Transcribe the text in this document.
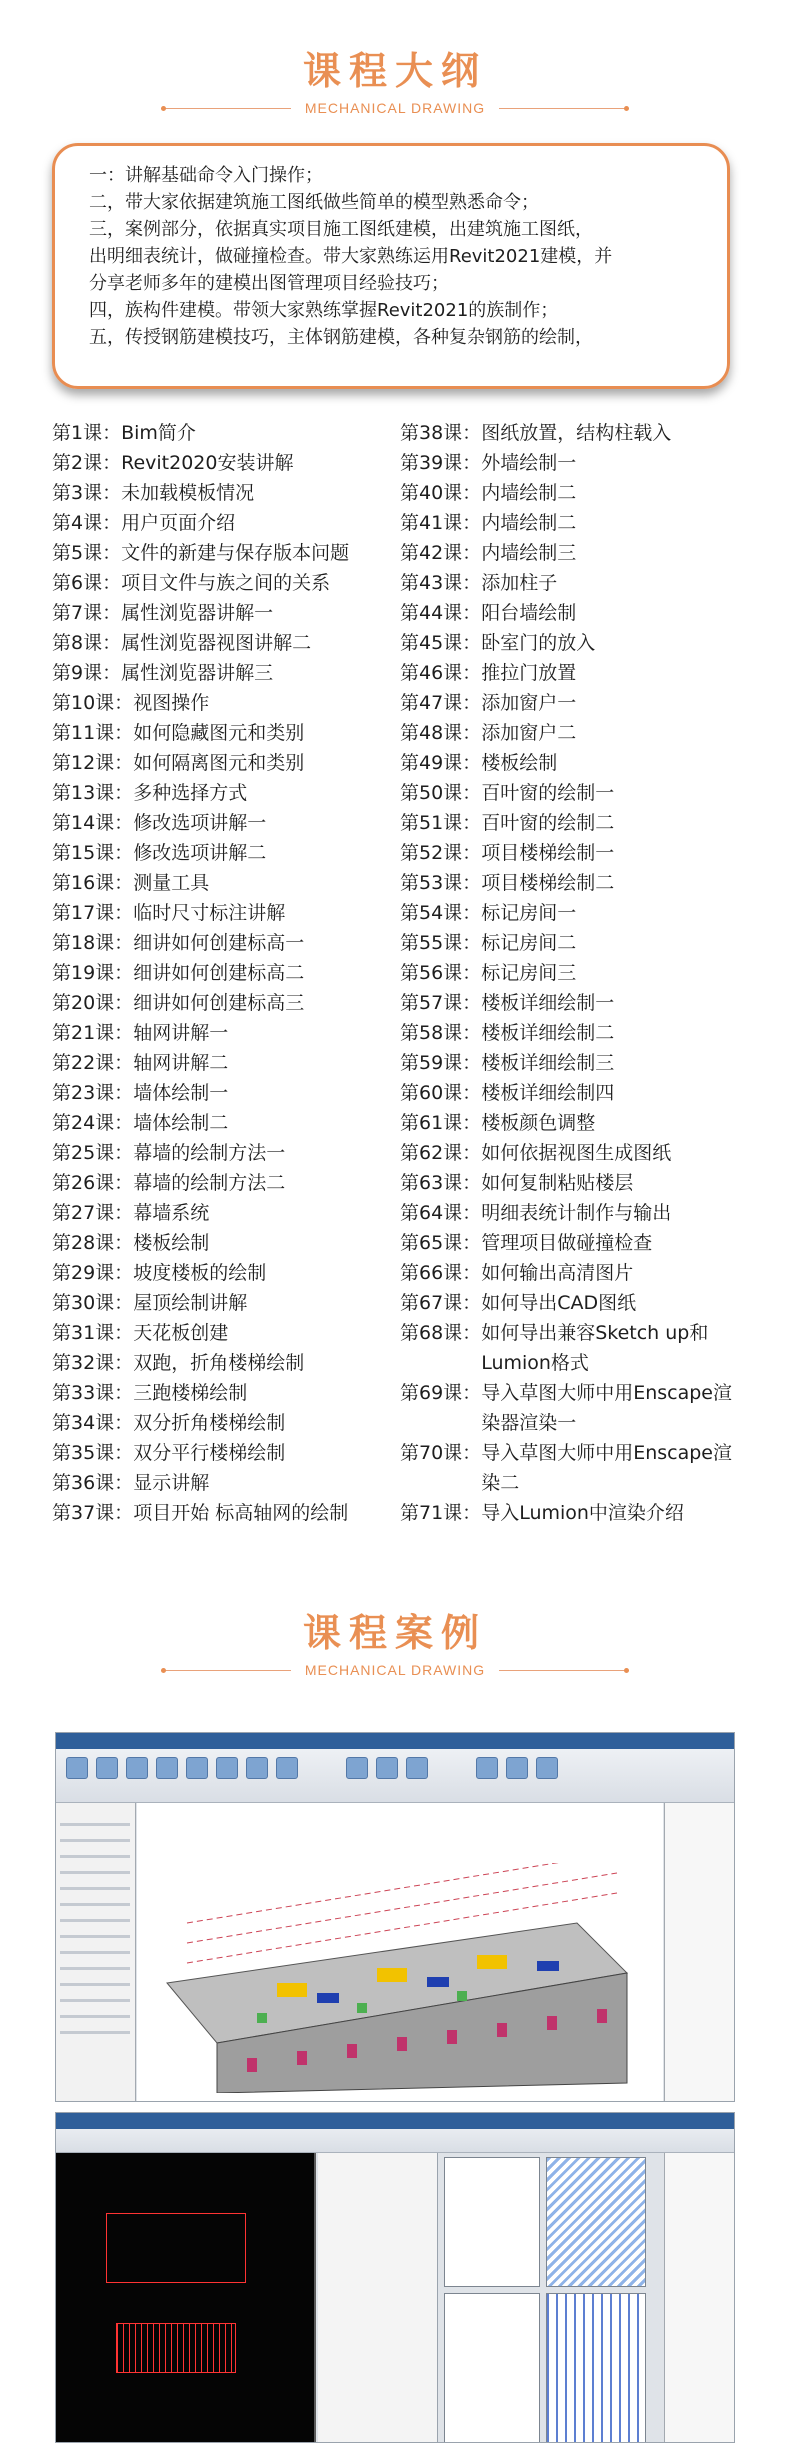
课程大纲
MECHANICAL DRAWING
一：讲解基础命令入门操作；
二，带大家依据建筑施工图纸做些简单的模型熟悉命令；
三，案例部分，依据真实项目施工图纸建模，出建筑施工图纸，
出明细表统计，做碰撞检查。带大家熟练运用Revit2021建模，并
分享老师多年的建模出图管理项目经验技巧；
四，族构件建模。带领大家熟练掌握Revit2021的族制作；
五，传授钢筋建模技巧，主体钢筋建模，各种复杂钢筋的绘制，
第1课： Bim简介
第2课： Revit2020安装讲解
第3课： 未加载模板情况
第4课： 用户页面介绍
第5课： 文件的新建与保存版本问题
第6课： 项目文件与族之间的关系
第7课： 属性浏览器讲解一
第8课： 属性浏览器视图讲解二
第9课： 属性浏览器讲解三
第10课： 视图操作
第11课： 如何隐藏图元和类别
第12课： 如何隔离图元和类别
第13课： 多种选择方式
第14课： 修改选项讲解一
第15课： 修改选项讲解二
第16课： 测量工具
第17课： 临时尺寸标注讲解
第18课： 细讲如何创建标高一
第19课： 细讲如何创建标高二
第20课： 细讲如何创建标高三
第21课： 轴网讲解一
第22课： 轴网讲解二
第23课： 墙体绘制一
第24课： 墙体绘制二
第25课： 幕墙的绘制方法一
第26课： 幕墙的绘制方法二
第27课： 幕墙系统
第28课： 楼板绘制
第29课： 坡度楼板的绘制
第30课： 屋顶绘制讲解
第31课： 天花板创建
第32课： 双跑，折角楼梯绘制
第33课： 三跑楼梯绘制
第34课： 双分折角楼梯绘制
第35课： 双分平行楼梯绘制
第36课： 显示讲解
第37课： 项目开始 标高轴网的绘制
第38课： 图纸放置，结构柱载入
第39课： 外墙绘制一
第40课： 内墙绘制二
第41课： 内墙绘制二
第42课： 内墙绘制三
第43课： 添加柱子
第44课： 阳台墙绘制
第45课： 卧室门的放入
第46课： 推拉门放置
第47课： 添加窗户一
第48课： 添加窗户二
第49课： 楼板绘制
第50课： 百叶窗的绘制一
第51课： 百叶窗的绘制二
第52课： 项目楼梯绘制一
第53课： 项目楼梯绘制二
第54课： 标记房间一
第55课： 标记房间二
第56课： 标记房间三
第57课： 楼板详细绘制一
第58课： 楼板详细绘制二
第59课： 楼板详细绘制三
第60课： 楼板详细绘制四
第61课： 楼板颜色调整
第62课： 如何依据视图生成图纸
第63课： 如何复制粘贴楼层
第64课： 明细表统计制作与输出
第65课： 管理项目做碰撞检查
第66课： 如何输出高清图片
第67课： 如何导出CAD图纸
第68课： 如何导出兼容Sketch up和Lumion格式
第69课： 导入草图大师中用Enscape渲染器渲染一
第70课： 导入草图大师中用Enscape渲染二
第71课： 导入Lumion中渲染介绍
课程案例
MECHANICAL DRAWING
